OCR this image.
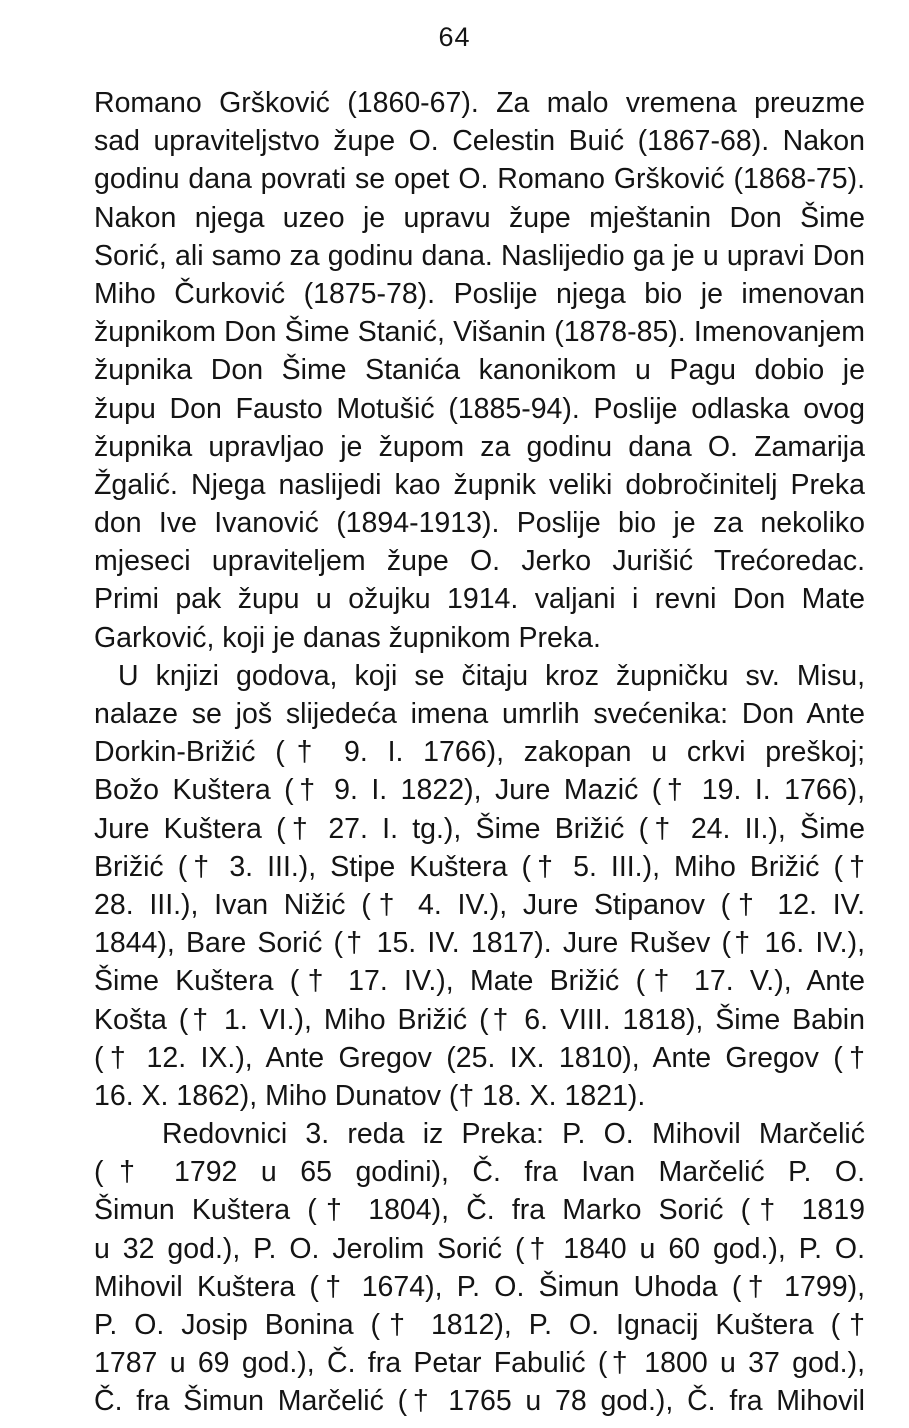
64
Romano Gršković (1860-67). Za malo vremena preuzme
sad upraviteljstvo župe O. Celestin Buić (1867-68). Nakon
godinu dana povrati se opet O. Romano Gršković (1868-75).
Nakon njega uzeo je upravu župe mještanin Don Šime
Sorić, ali samo za godinu dana. Naslijedio ga je u upravi Don
Miho Čurković (1875-78). Poslije njega bio je imenovan
župnikom Don Šime Stanić, Višanin (1878-85). Imenovanjem
župnika Don Šime Stanića kanonikom u Pagu dobio je
župu Don Fausto Motušić (1885-94). Poslije odlaska ovog
župnika upravljao je župom za godinu dana O. Zamarija
Žgalić. Njega naslijedi kao župnik veliki dobročinitelj Preka
don Ive Ivanović (1894-1913). Poslije bio je za nekoliko
mjeseci upraviteljem župe O. Jerko Jurišić Trećoredac.
Primi pak župu u ožujku 1914. valjani i revni Don Mate
Garković, koji je danas župnikom Preka.
U knjizi godova, koji se čitaju kroz župničku sv. Misu,
nalaze se još slijedeća imena umrlih svećenika: Don Ante
Dorkin-Brižić († 9. I. 1766), zakopan u crkvi preškoj;
Božo Kuštera († 9. I. 1822), Jure Mazić († 19. I. 1766),
Jure Kuštera († 27. I. tg.), Šime Brižić († 24. II.), Šime
Brižić († 3. III.), Stipe Kuštera († 5. III.), Miho Brižić (†
28. III.), Ivan Nižić († 4. IV.), Jure Stipanov († 12. IV.
1844), Bare Sorić († 15. IV. 1817). Jure Rušev († 16. IV.),
Šime Kuštera († 17. IV.), Mate Brižić († 17. V.), Ante
Košta († 1. VI.), Miho Brižić († 6. VIII. 1818), Šime Babin
(† 12. IX.), Ante Gregov (25. IX. 1810), Ante Gregov (†
16. X. 1862), Miho Dunatov († 18. X. 1821).
Redovnici 3. reda iz Preka: P. O. Mihovil Marčelić
(† 1792 u 65 godini), Č. fra Ivan Marčelić P. O.
Šimun Kuštera († 1804), Č. fra Marko Sorić († 1819
u 32 god.), P. O. Jerolim Sorić († 1840 u 60 god.), P. O.
Mihovil Kuštera († 1674), P. O. Šimun Uhoda († 1799),
P. O. Josip Bonina († 1812), P. O. Ignacij Kuštera (†
1787 u 69 god.), Č. fra Petar Fabulić († 1800 u 37 god.),
Č. fra Šimun Marčelić († 1765 u 78 god.), Č. fra Mihovil
